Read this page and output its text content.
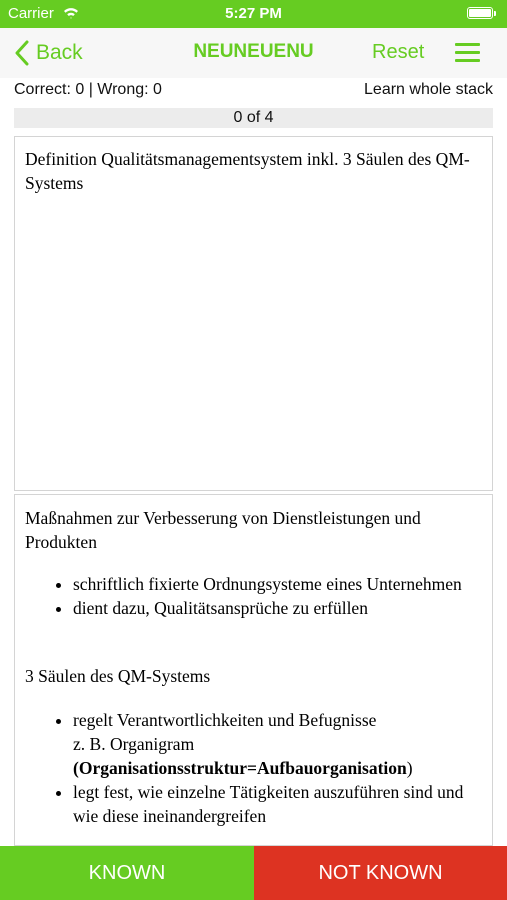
Carrier	5:27 PM
Back	NEUNEUENU	Reset
Correct: 0 | Wrong: 0	Learn whole stack
0 of 4

Definition Qualitätsmanagementsystem inkl. 3 Säulen des QM-Systems

Maßnahmen zur Verbesserung von Dienstleistungen und Produkten

• schriftlich fixierte Ordnungsysteme eines Unternehmen
• dient dazu, Qualitätsansprüche zu erfüllen

3 Säulen des QM-Systems

• regelt Verantwortlichkeiten und Befugnisse
z. B. Organigram
(Organisationsstruktur=Aufbauorganisation)
• legt fest, wie einzelne Tätigkeiten auszuführen sind und wie diese ineinandergreifen
KNOWN	NOT KNOWN
